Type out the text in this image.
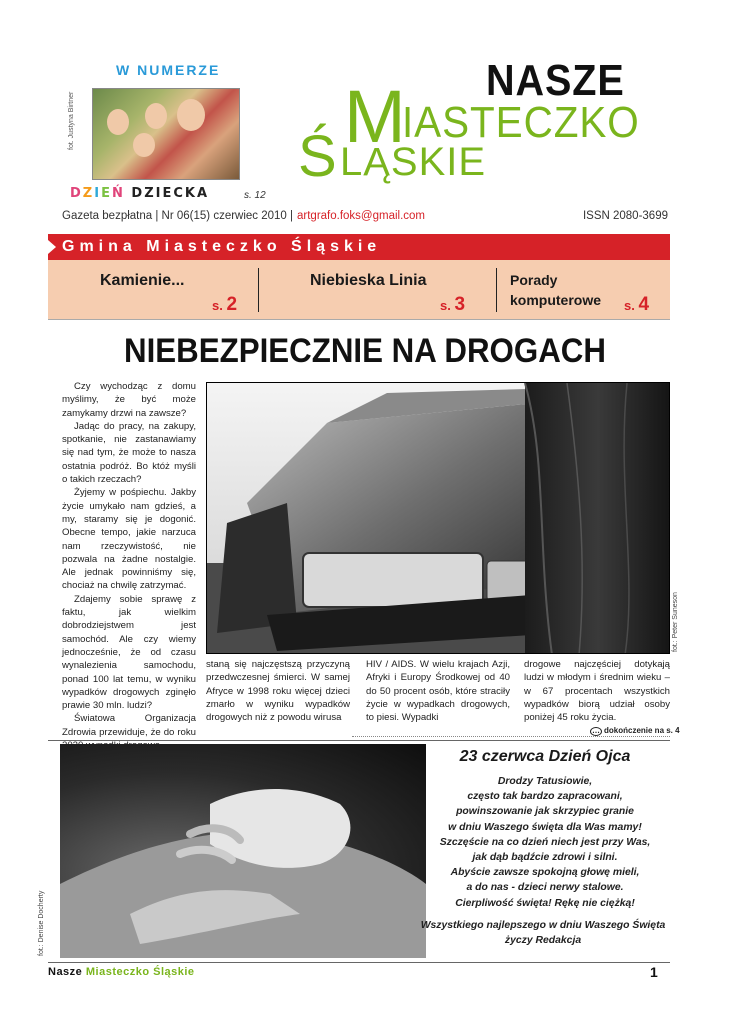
W NUMERZE
fot. Justyna Birtner
DZIEŃ DZIECKA	s. 12
NASZE
M
IASTECZKO
Ś LĄSKIE
Gazeta bezpłatna | Nr 06(15) czerwiec 2010 | artgrafo.foks@gmail.com	ISSN 2080-3699
Gmina Miasteczko Śląskie
Kamienie...
s. 2
Niebieska Linia
s. 3
Porady
komputerowe s. 4
NIEBEZPIECZNIE NA DROGACH

Czy wychodząc z domu myślimy, że być może zamykamy drzwi na zawsze?

Jadąc do pracy, na zakupy, spotkanie, nie zastanawiamy się nad tym, że może to nasza ostatnia podróż. Bo któż myśli o takich rzeczach?

Żyjemy w pośpiechu. Jakby życie umykało nam gdzieś, a my, staramy się je dogonić. Obecne tempo, jakie narzuca nam rzeczywistość, nie pozwala na żadne nostalgie. Ale jednak powinniśmy się, chociaż na chwilę zatrzymać.

Zdajemy sobie sprawę z faktu, jak wielkim dobrodziejstwem jest samochód. Ale czy wiemy jednocześnie, że od czasu wynalezienia samochodu, ponad 100 lat temu, w wyniku wypadków drogowych zginęło prawie 30 mln. ludzi?

Światowa Organizacja Zdrowia przewiduje, że do roku

fot.: Peter Suneson
staną się najczęstszą przyczyną przedwczesnej śmierci. W samej Afryce w 1998 roku więcej dzieci zmarło w wyniku wypadków drogowych niż z powodu wirusa
HIV / AIDS. W wielu krajach Azji, Afryki i Europy Środkowej od 40 do 50 procent osób, które straciły życie w wypadkach drogowych, to piesi. Wypadki
drogowe najczęściej dotykają ludzi w młodym i średnim wieku – w 67 procentach wszystkich wypadków biorą udział osoby poniżej 45 roku życia.
… dokończenie na s. 4
fot.: Denise Docherty
23 czerwca Dzień Ojca
Drodzy Tatusiowie,
często tak bardzo zapracowani,
powinszowanie jak skrzypiec granie
w dniu Waszego święta dla Was mamy!
Szczęście na co dzień niech jest przy Was,
jak dąb bądźcie zdrowi i silni.
Abyście zawsze spokojną głowę mieli,
a do nas - dzieci nerwy stalowe.
Cierpliwość święta! Rękę nie ciężką!
Wszystkiego najlepszego w dniu Waszego Święta
życzy Redakcja
Nasze Miasteczko Śląskie	1
